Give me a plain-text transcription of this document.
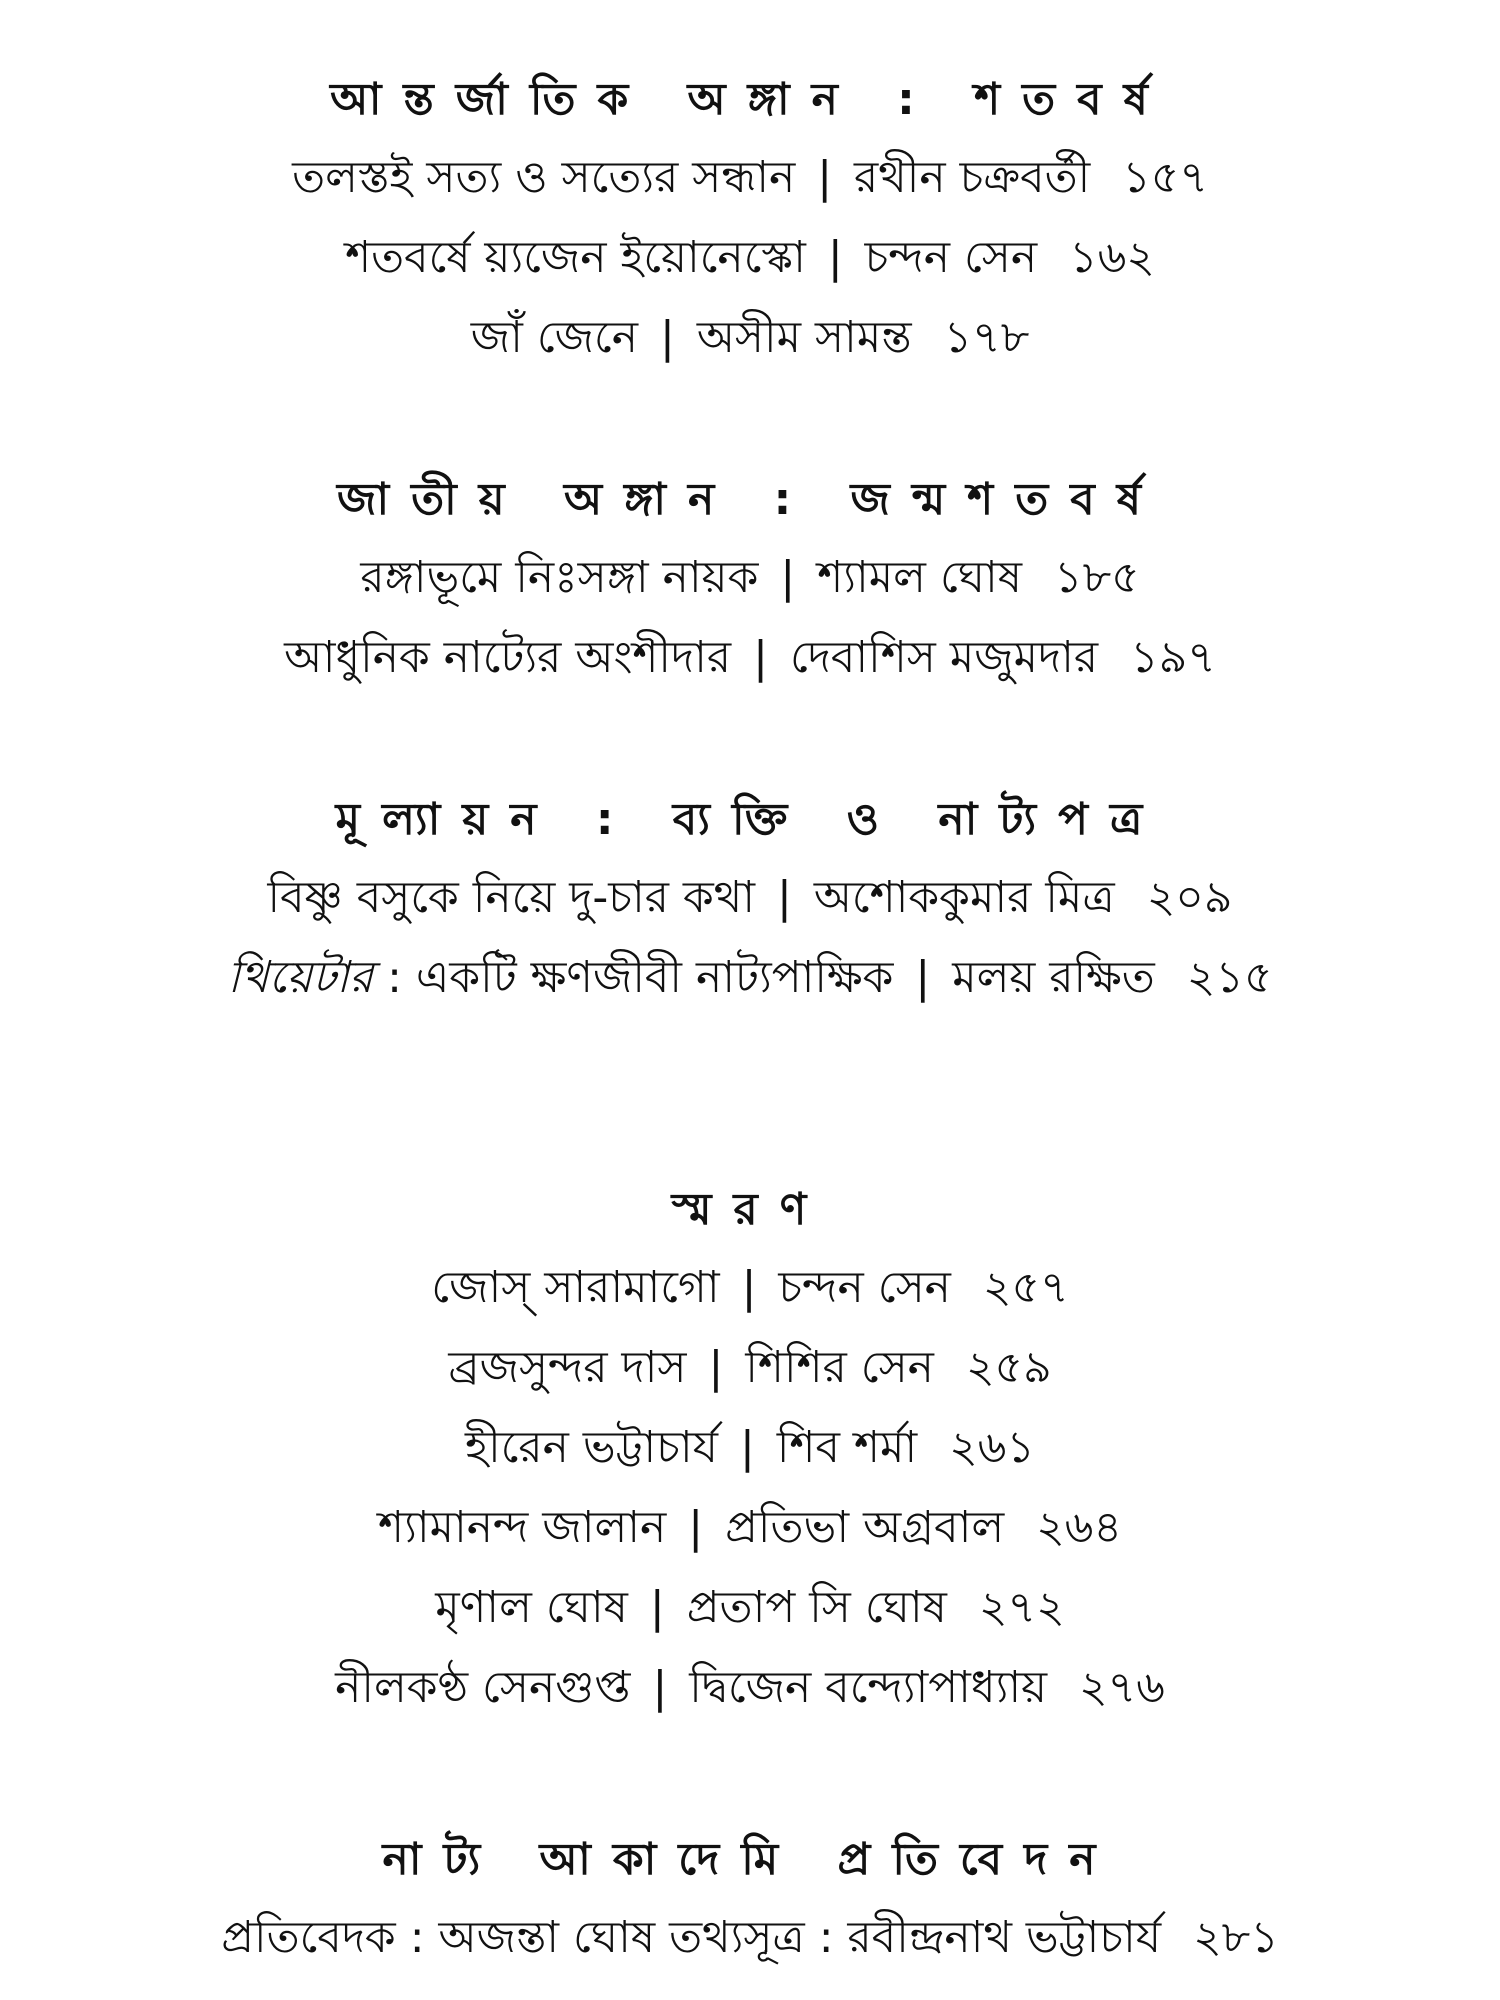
আন্তর্জাতিক অঙ্গান : শতবর্ষ
তলস্তই সত্য ও সত্যের সন্ধান | রথীন চক্রবর্তী ১৫৭
শতবর্ষে য়্যজেন ইয়োনেস্কো | চন্দন সেন ১৬২
জাঁ জেনে | অসীম সামন্ত ১৭৮
জাতীয় অঙ্গান : জন্মশতবর্ষ
রঙ্গাভূমে নিঃসঙ্গা নায়ক | শ্যামল ঘোষ ১৮৫
আধুনিক নাট্যের অংশীদার | দেবাশিস মজুমদার ১৯৭
মূল্যায়ন : ব্যক্তি ও নাট্যপত্র
বিষ্ণু বসুকে নিয়ে দু-চার কথা | অশোককুমার মিত্র ২০৯
থিয়েটার : একটি ক্ষণজীবী নাট্যপাক্ষিক | মলয় রক্ষিত ২১৫
স্মরণ
জোস্ সারামাগো | চন্দন সেন ২৫৭
ব্রজসুন্দর দাস | শিশির সেন ২৫৯
হীরেন ভট্টাচার্য | শিব শর্মা ২৬১
শ্যামানন্দ জালান | প্রতিভা অগ্রবাল ২৬৪
মৃণাল ঘোষ | প্রতাপ সি ঘোষ ২৭২
নীলকণ্ঠ সেনগুপ্ত | দ্বিজেন বন্দ্যোপাধ্যায় ২৭৬
নাট্য আকাদেমি প্রতিবেদন
প্রতিবেদক : অজন্তা ঘোষ তথ্যসূত্র : রবীন্দ্রনাথ ভট্টাচার্য ২৮১
